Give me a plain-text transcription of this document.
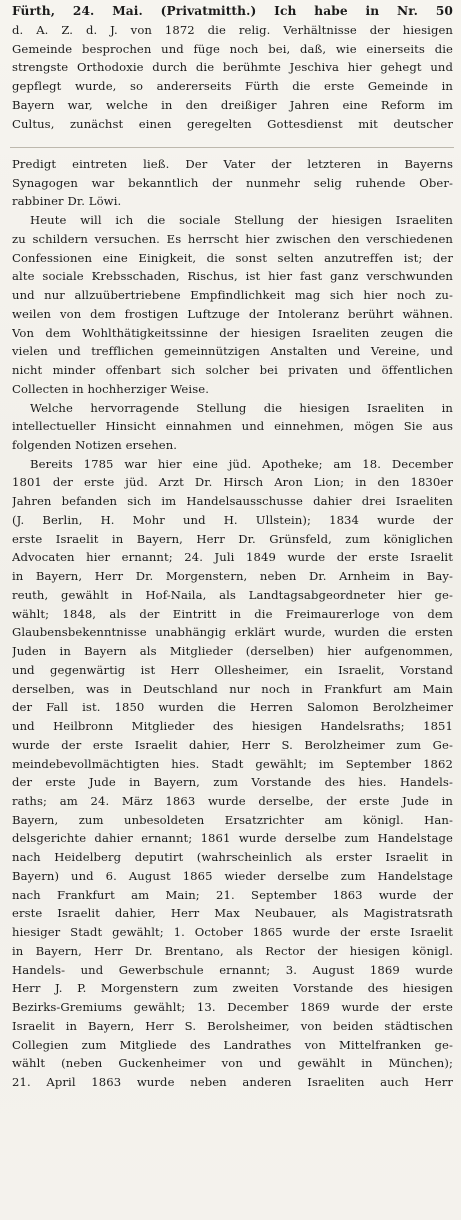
Fürth, 24. Mai. (Privatmitth.) Ich habe in Nr. 50
d. A. Z. d. J. von 1872 die relig. Verhältnisse der hiesigen
Gemeinde besprochen und füge noch bei, daß, wie einerseits die
strengste Orthodoxie durch die berühmte Jeschiva hier gehegt und
gepflegt wurde, so andererseits Fürth die erste Gemeinde in
Bayern war, welche in den dreißiger Jahren eine Reform im
Cultus, zunächst einen geregelten Gottesdienst mit deutscher
Predigt eintreten ließ. Der Vater der letzteren in Bayerns
Synagogen war bekanntlich der nunmehr selig ruhende Ober-
rabbiner Dr. Löwi.
Heute will ich die sociale Stellung der hiesigen Israeliten
zu schildern versuchen. Es herrscht hier zwischen den verschiedenen
Confessionen eine Einigkeit, die sonst selten anzutreffen ist; der
alte sociale Krebsschaden, Rischus, ist hier fast ganz verschwunden
und nur allzuübertriebene Empfindlichkeit mag sich hier noch zu-
weilen von dem frostigen Luftzuge der Intoleranz berührt wähnen.
Von dem Wohlthätigkeitssinne der hiesigen Israeliten zeugen die
vielen und trefflichen gemeinnützigen Anstalten und Vereine, und
nicht minder offenbart sich solcher bei privaten und öffentlichen
Collecten in hochherziger Weise.
Welche hervorragende Stellung die hiesigen Israeliten in
intellectueller Hinsicht einnahmen und einnehmen, mögen Sie aus
folgenden Notizen ersehen.
Bereits 1785 war hier eine jüd. Apotheke; am 18. December
1801 der erste jüd. Arzt Dr. Hirsch Aron Lion; in den 1830er
Jahren befanden sich im Handelsausschusse dahier drei Israeliten
(J. Berlin, H. Mohr und H. Ullstein); 1834 wurde der
erste Israelit in Bayern, Herr Dr. Grünsfeld, zum königlichen
Advocaten hier ernannt; 24. Juli 1849 wurde der erste Israelit
in Bayern, Herr Dr. Morgenstern, neben Dr. Arnheim in Bay-
reuth, gewählt in Hof-Naila, als Landtagsabgeordneter hier ge-
wählt; 1848, als der Eintritt in die Freimaurerloge von dem
Glaubensbekenntnisse unabhängig erklärt wurde, wurden die ersten
Juden in Bayern als Mitglieder (derselben) hier aufgenommen,
und gegenwärtig ist Herr Ollesheimer, ein Israelit, Vorstand
derselben, was in Deutschland nur noch in Frankfurt am Main
der Fall ist. 1850 wurden die Herren Salomon Berolzheimer
und Heilbronn Mitglieder des hiesigen Handelsraths; 1851
wurde der erste Israelit dahier, Herr S. Berolzheimer zum Ge-
meindebevollmächtigten hies. Stadt gewählt; im September 1862
der erste Jude in Bayern, zum Vorstande des hies. Handels-
raths; am 24. März 1863 wurde derselbe, der erste Jude in
Bayern, zum unbesoldeten Ersatzrichter am königl. Han-
delsgerichte dahier ernannt; 1861 wurde derselbe zum Handelstage
nach Heidelberg deputirt (wahrscheinlich als erster Israelit in
Bayern) und 6. August 1865 wieder derselbe zum Handelstage
nach Frankfurt am Main; 21. September 1863 wurde der
erste Israelit dahier, Herr Max Neubauer, als Magistratsrath
hiesiger Stadt gewählt; 1. October 1865 wurde der erste Israelit
in Bayern, Herr Dr. Brentano, als Rector der hiesigen königl.
Handels- und Gewerbschule ernannt; 3. August 1869 wurde
Herr J. P. Morgenstern zum zweiten Vorstande des hiesigen
Bezirks-Gremiums gewählt; 13. December 1869 wurde der erste
Israelit in Bayern, Herr S. Berolsheimer, von beiden städtischen
Collegien zum Mitgliede des Landrathes von Mittelfranken ge-
wählt (neben Guckenheimer von und gewählt in München);
21. April 1863 wurde neben anderen Israeliten auch Herr
